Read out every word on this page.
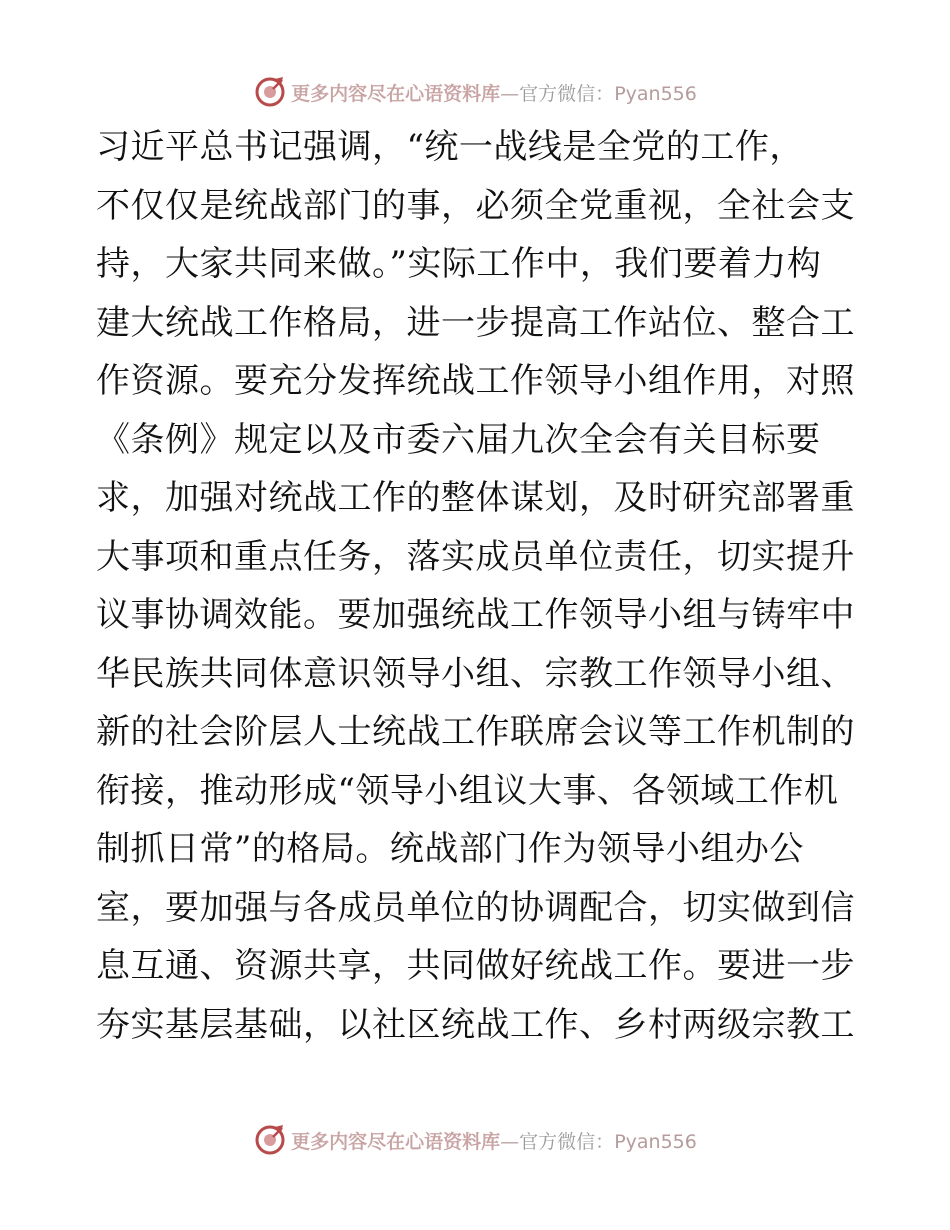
更多内容尽在心语资料库—官方微信：Pyan556
习近平总书记强调，“统一战线是全党的工作，
不仅仅是统战部门的事，必须全党重视，全社会支
持，大家共同来做。”实际工作中，我们要着力构
建大统战工作格局，进一步提高工作站位、整合工
作资源。要充分发挥统战工作领导小组作用，对照
《条例》规定以及市委六届九次全会有关目标要
求，加强对统战工作的整体谋划，及时研究部署重
大事项和重点任务，落实成员单位责任，切实提升
议事协调效能。要加强统战工作领导小组与铸牢中
华民族共同体意识领导小组、宗教工作领导小组、
新的社会阶层人士统战工作联席会议等工作机制的
衔接，推动形成“领导小组议大事、各领域工作机
制抓日常”的格局。统战部门作为领导小组办公
室，要加强与各成员单位的协调配合，切实做到信
息互通、资源共享，共同做好统战工作。要进一步
夯实基层基础，以社区统战工作、乡村两级宗教工
更多内容尽在心语资料库—官方微信：Pyan556
